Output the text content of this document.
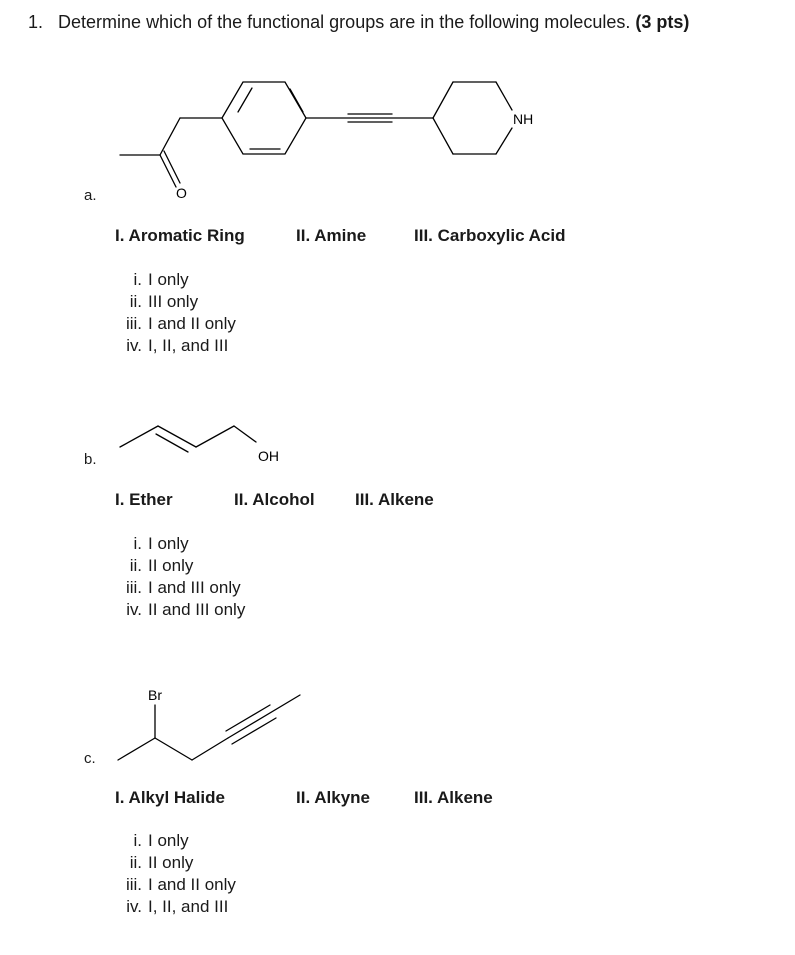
1. Determine which of the functional groups are in the following molecules. (3 pts)
O
NH
OH
Br
a.
I. Aromatic Ring	II. Amine	III. Carboxylic Acid
i. I only
ii. III only
iii. I and II only
iv. I, II, and III
b.
I. Ether	II. Alcohol III. Alkene
i. I only
ii. II only
iii. I and III only
iv. II and III only
c.
I. Alkyl Halide	II. Alkyne	III. Alkene
i. I only
ii. II only
iii. I and II only
iv. I, II, and III
